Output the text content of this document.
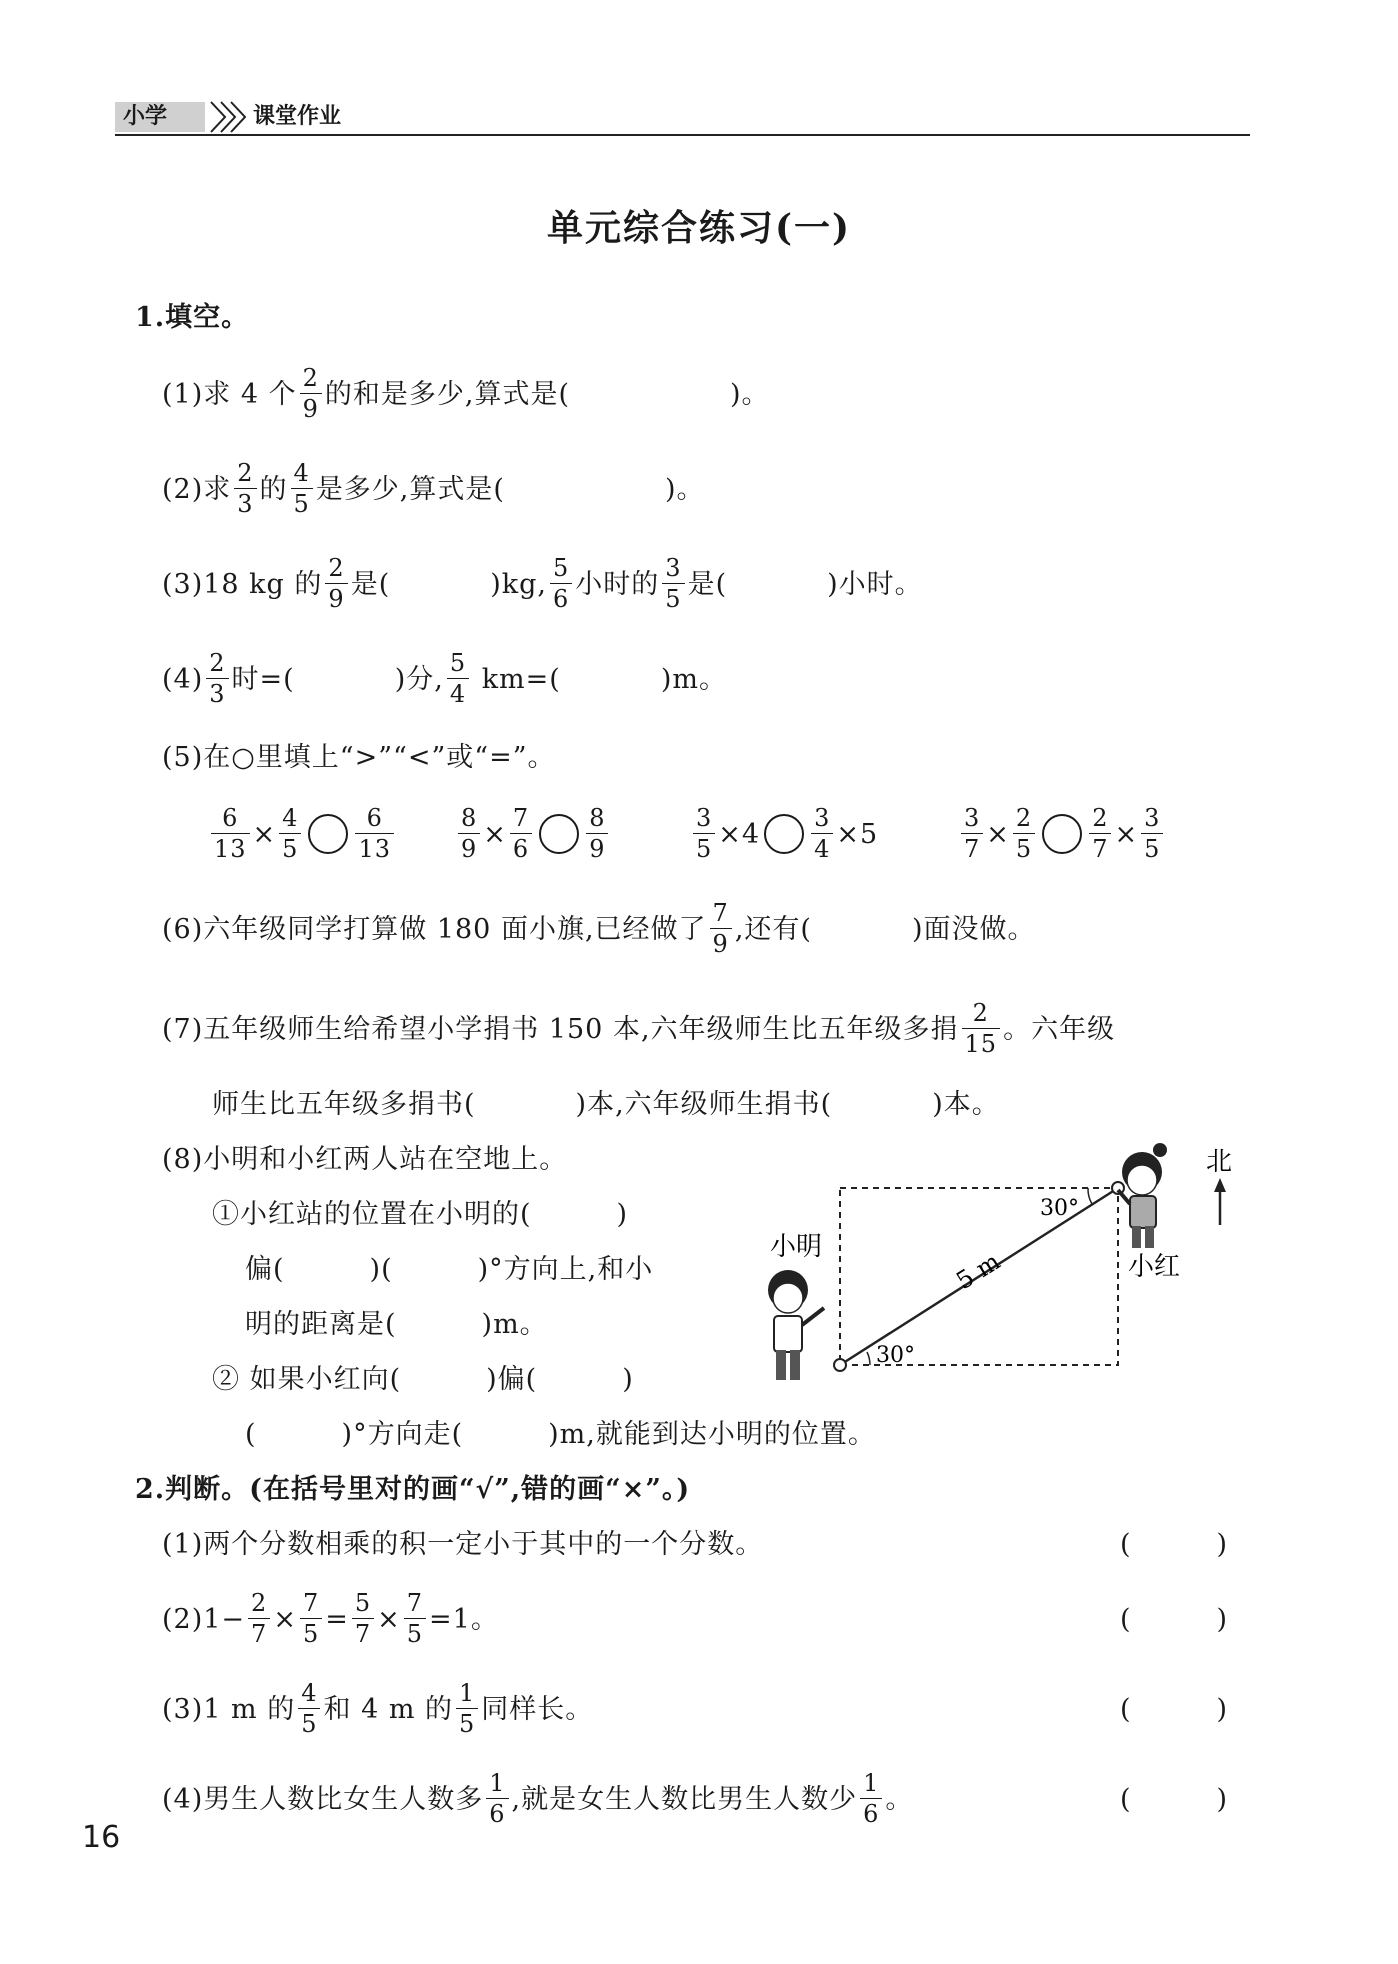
小学	课堂作业
单元综合练习(一)
1.填空。
(1)求 4 个 $\frac{2}{9}$ 的和是多少,算式是(	)。
(2)求 $\frac{2}{3}$ 的 $\frac{4}{5}$ 是多少,算式是(	)。
(3)18 kg 的 $\frac{2}{9}$ 是(	)kg, $\frac{5}{6}$ 小时的 $\frac{3}{5}$ 是(	)小时。
$(4) \frac{2}{3}$ 时=(	)分, $\frac{5}{4} km=$(	)m。
(5)在○里填上“>”“<”或“=”。
$\frac{6}{13} \times \frac{4}{5} \frac{6}{13}$	$\frac{8}{9} \times \frac{7}{6} \frac{8}{9}$	$\frac{3}{5} \times 4 \frac{3}{4} \times 5$	$\frac{3}{7} \times \frac{2}{5} \frac{2}{7} \times \frac{3}{5}$
(6)六年级同学打算做 180 面小旗,已经做了 $\frac{7}{9}$ ,还有(	)面没做。
(7)五年级师生给希望小学捐书 150 本,六年级师生比五年级多捐 $\frac{2}{15}$ 。六年级
师生比五年级多捐书(	)本,六年级师生捐书(	)本。
(8)小明和小红两人站在空地上。
①小红站的位置在小明的(	)
偏(	)(	)°方向上,和小
明的距离是(	)m。
② 如果小红向(	)偏(	)
(	)°方向走(	)m,就能到达小明的位置。
30°
30°
5 m
小明
小红
北
2.判断。(在括号里对的画“√”,错的画“×”。)
(1)两个分数相乘的积一定小于其中的一个分数。
$(2)1- \frac{2}{7} \times \frac{7}{5} = \frac{5}{7} \times \frac{7}{5} =1$。
(3)1 m 的 $\frac{4}{5}$ 和 4 m 的 $\frac{1}{5}$ 同样长。
(4)男生人数比女生人数多 $\frac{1}{6}$ ,就是女生人数比男生人数少 $\frac{1}{6}$ 。
(	)
(	)
(	)
(	)
16
